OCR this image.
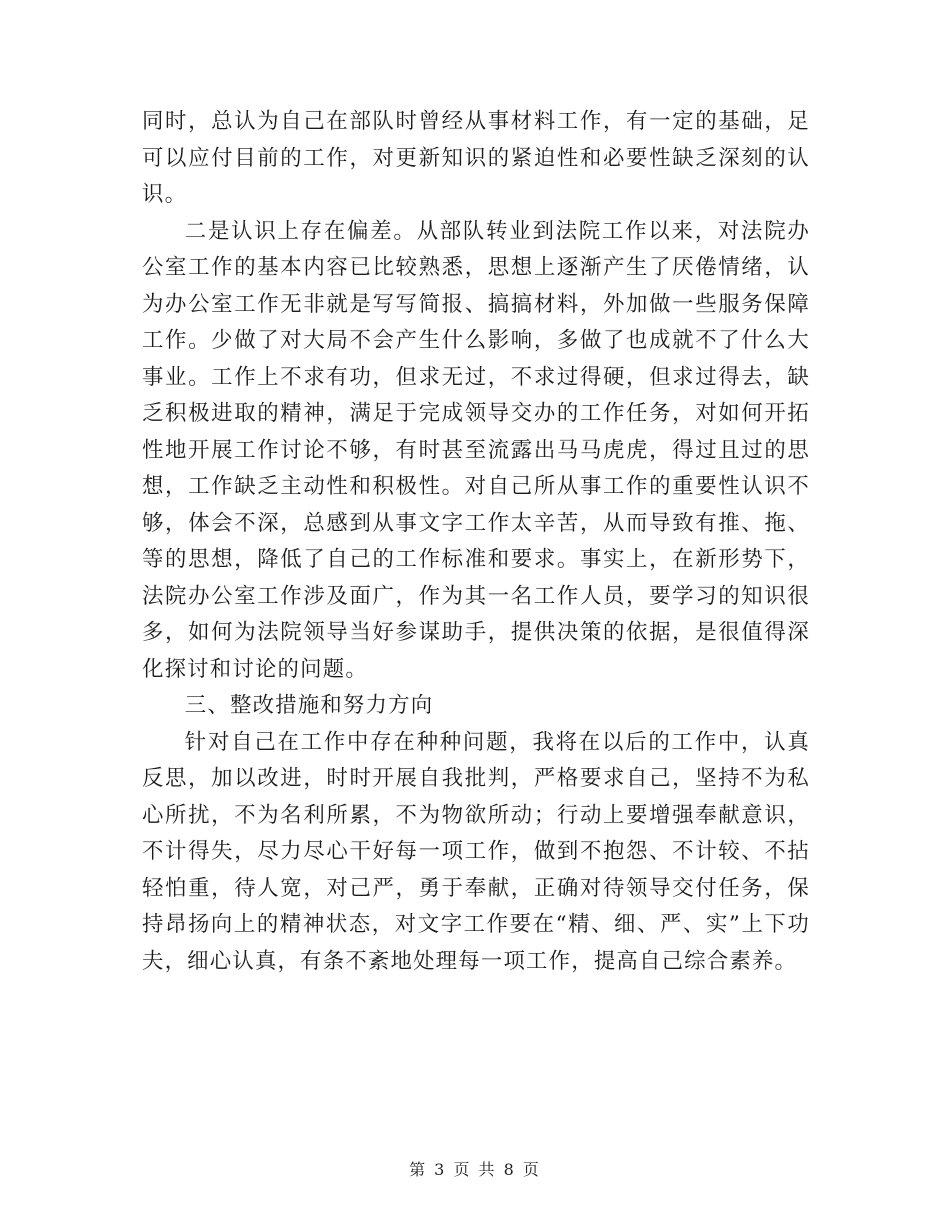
同时，总认为自己在部队时曾经从事材料工作，有一定的基础，足可以应付目前的工作，对更新知识的紧迫性和必要性缺乏深刻的认识。

二是认识上存在偏差。从部队转业到法院工作以来，对法院办公室工作的基本内容已比较熟悉，思想上逐渐产生了厌倦情绪，认为办公室工作无非就是写写简报、搞搞材料，外加做一些服务保障工作。少做了对大局不会产生什么影响，多做了也成就不了什么大事业。工作上不求有功，但求无过，不求过得硬，但求过得去，缺乏积极进取的精神，满足于完成领导交办的工作任务，对如何开拓性地开展工作讨论不够，有时甚至流露出马马虎虎，得过且过的思想，工作缺乏主动性和积极性。对自己所从事工作的重要性认识不够，体会不深，总感到从事文字工作太辛苦，从而导致有推、拖、等的思想，降低了自己的工作标准和要求。事实上，在新形势下，法院办公室工作涉及面广，作为其一名工作人员，要学习的知识很多，如何为法院领导当好参谋助手，提供决策的依据，是很值得深化探讨和讨论的问题。

三、整改措施和努力方向

针对自己在工作中存在种种问题，我将在以后的工作中，认真反思，加以改进，时时开展自我批判，严格要求自己，坚持不为私心所扰，不为名利所累，不为物欲所动；行动上要增强奉献意识，不计得失，尽力尽心干好每一项工作，做到不抱怨、不计较、不拈轻怕重，待人宽，对己严，勇于奉献，正确对待领导交付任务，保持昂扬向上的精神状态，对文字工作要在“精、细、严、实”上下功夫，细心认真，有条不紊地处理每一项工作，提高自己综合素养。

第 3 页 共 8 页
